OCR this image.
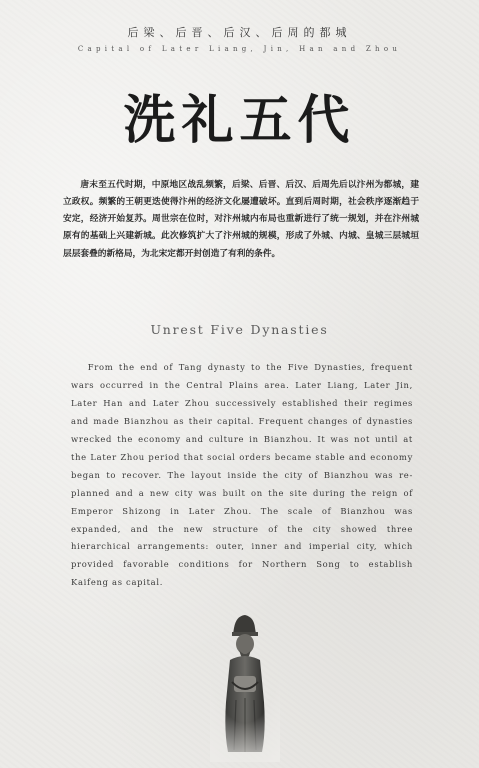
后梁、后晋、后汉、后周的都城
Capital of Later Liang, Jin, Han and Zhou
洗礼五代

唐末至五代时期，中原地区战乱频繁，后梁、后晋、后汉、后周先后以汴州为都城，建立政权。频繁的王朝更迭使得汴州的经济文化屡遭破坏。直到后周时期，社会秩序逐渐趋于安定，经济开始复苏。周世宗在位时，对汴州城内布局也重新进行了统一规划，并在汴州城原有的基础上兴建新城。此次修筑扩大了汴州城的规模，形成了外城、内城、皇城三层城垣层层套叠的新格局，为北宋定都开封创造了有利的条件。

Unrest Five Dynasties

From the end of Tang dynasty to the Five Dynasties, frequent wars occurred in the Central Plains area. Later Liang, Later Jin, Later Han and Later Zhou successively established their regimes and made Bianzhou as their capital. Frequent changes of dynasties wrecked the economy and culture in Bianzhou. It was not until at the Later Zhou period that social orders became stable and economy began to recover. The layout inside the city of Bianzhou was re-planned and a new city was built on the site during the reign of Emperor Shizong in Later Zhou. The scale of Bianzhou was expanded, and the new structure of the city showed three hierarchical arrangements: outer, inner and imperial city, which provided favorable conditions for Northern Song to establish Kaifeng as capital.
